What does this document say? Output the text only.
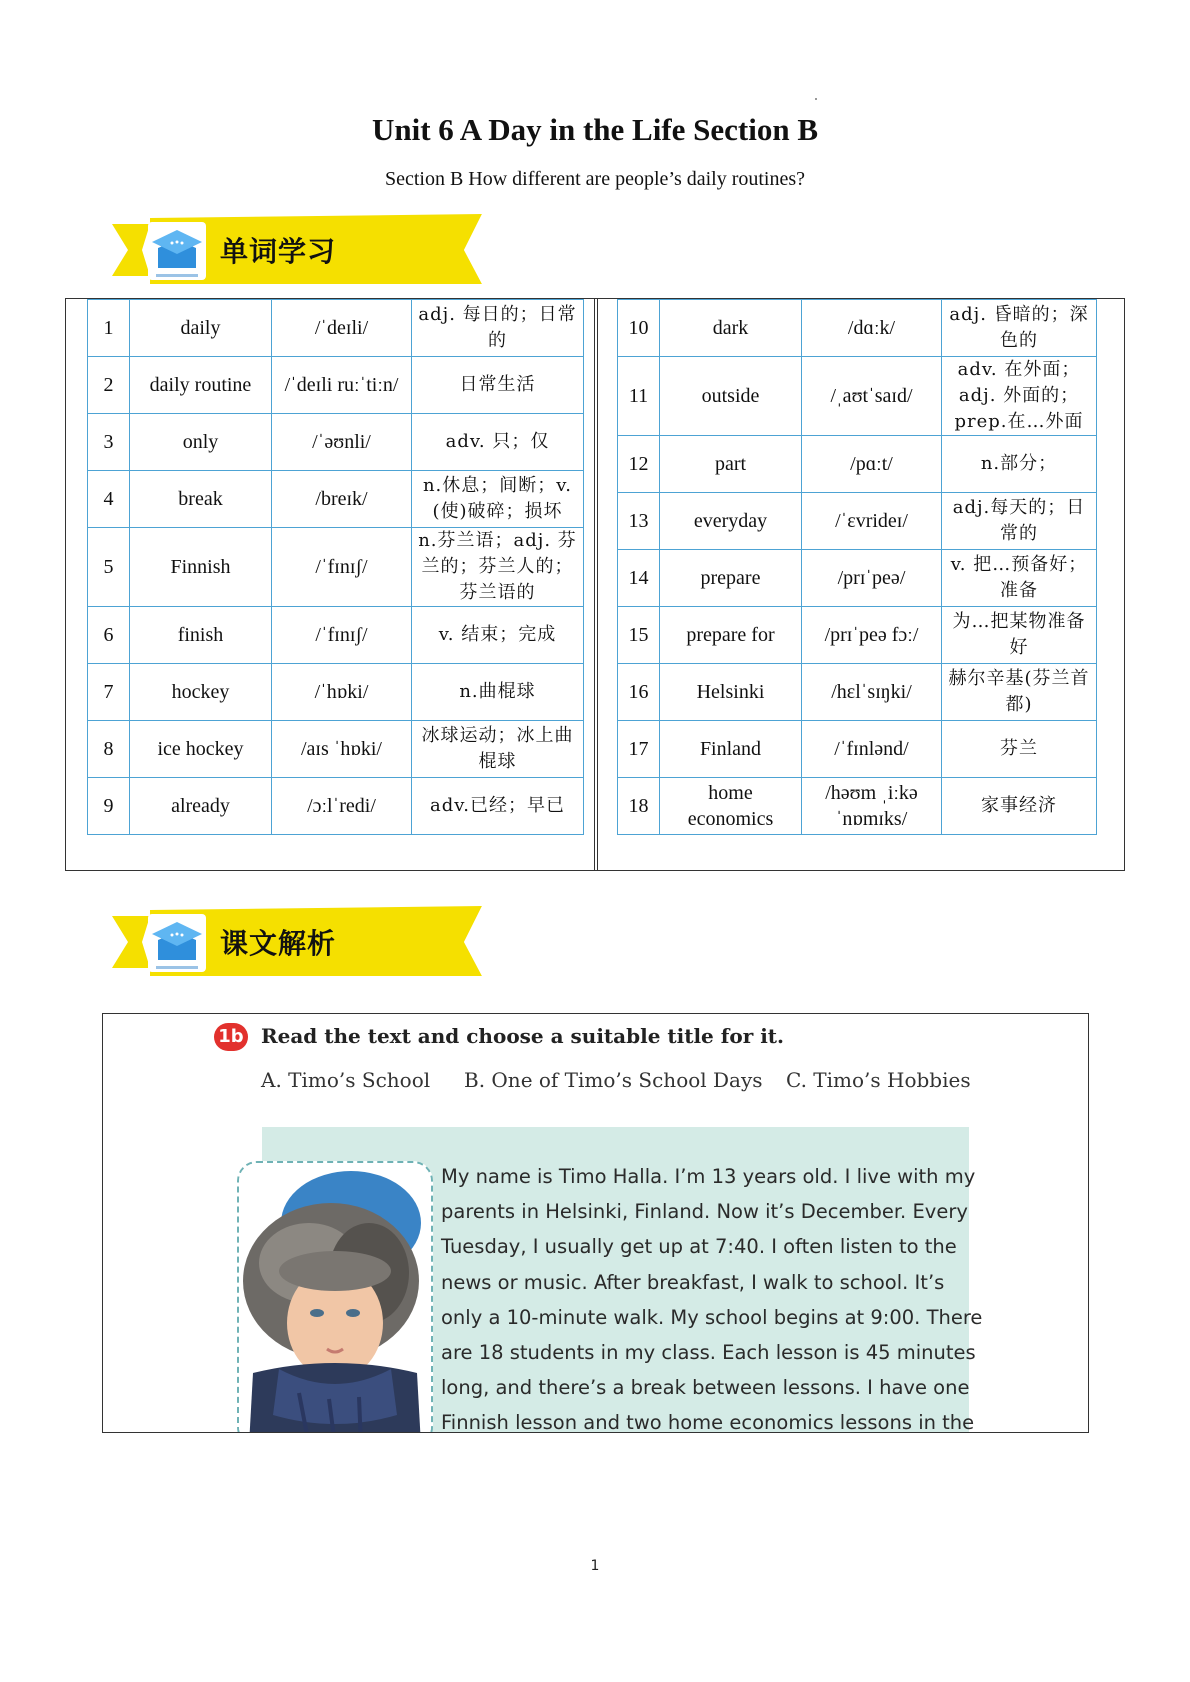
Unit 6 A Day in the Life Section B
Section B How different are people’s daily routines?
单词学习
1	daily	/ˈdeɪli/	adj. 每日的；日常的
2	daily routine	/ˈdeɪli ruːˈtiːn/	日常生活
3	only	/ˈəʊnli/	adv. 只；仅
4	break	/breɪk/	n.休息；间断；v.(使)破碎；损坏
5	Finnish	/ˈfɪnɪʃ/	n.芬兰语；adj. 芬兰的；芬兰人的；芬兰语的
6	finish	/ˈfɪnɪʃ/	v. 结束；完成
7	hockey	/ˈhɒki/	n.曲棍球
8	ice hockey	/aɪs ˈhɒki/	冰球运动；冰上曲棍球
9	already	/ɔːlˈredi/	adv.已经；早已
10	dark	/dɑːk/	adj. 昏暗的；深色的
11	outside	/ˌaʊtˈsaɪd/	adv. 在外面；adj. 外面的；prep.在…外面
12	part	/pɑːt/	n.部分；
13	everyday	/ˈɛvrideɪ/	adj.每天的；日常的
14	prepare	/prɪˈpeə/	v. 把…预备好；准备
15	prepare for	/prɪˈpeə fɔː/	为…把某物准备好
16	Helsinki	/hɛlˈsɪŋki/	赫尔辛基(芬兰首都)
17	Finland	/ˈfɪnlənd/	芬兰
18	home economics	/həʊm ˌiːkəˈnɒmɪks/	家事经济
课文解析
1b Read the text and choose a suitable title for it.
A. Timo’s School B. One of Timo’s School Days C. Timo’s Hobbies
My name is Timo Halla. I’m 13 years old. I live with my
parents in Helsinki, Finland. Now it’s December. Every
Tuesday, I usually get up at 7:40. I often listen to the
news or music. After breakfast, I walk to school. It’s
only a 10-minute walk. My school begins at 9:00. There
are 18 students in my class. Each lesson is 45 minutes
long, and there’s a break between lessons. I have one
Finnish lesson and two home economics lessons in the
1
